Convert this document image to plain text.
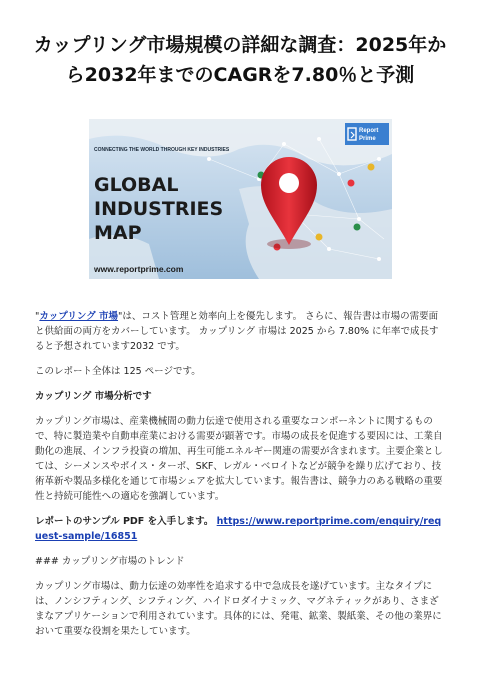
カップリング市場規模の詳細な調査：2025年から2032年までのCAGRを7.80％と予測
Report
Prime
CONNECTING THE WORLD THROUGH KEY INDUSTRIES
GLOBAL
INDUSTRIES
MAP
www.reportprime.com

"カップリング 市場"は、コスト管理と効率向上を優先します。 さらに、報告書は市場の需要面と供給面の両方をカバーしています。 カップリング 市場は 2025 から 7.80% に年率で成長すると予想されています2032 です。

このレポート全体は 125 ページです。

カップリング 市場分析です

カップリング市場は、産業機械間の動力伝達で使用される重要なコンポーネントに関するもので、特に製造業や自動車産業における需要が顕著です。市場の成長を促進する要因には、工業自動化の進展、インフラ投資の増加、再生可能エネルギー関連の需要が含まれます。主要企業としては、シーメンスやボイス・ターボ、SKF、レガル・ベロイトなどが競争を繰り広げており、技術革新や製品多様化を通じて市場シェアを拡大しています。報告書は、競争力のある戦略の重要性と持続可能性への適応を強調しています。

レポートのサンプル PDF を入手します。 https://www.reportprime.com/enquiry/request-sample/16851

### カップリング市場のトレンド

カップリング市場は、動力伝達の効率性を追求する中で急成長を遂げています。主なタイプには、ノンシフティング、シフティング、ハイドロダイナミック、マグネティックがあり、さまざまなアプリケーションで利用されています。具体的には、発電、鉱業、製紙業、その他の業界において重要な役割を果たしています。
